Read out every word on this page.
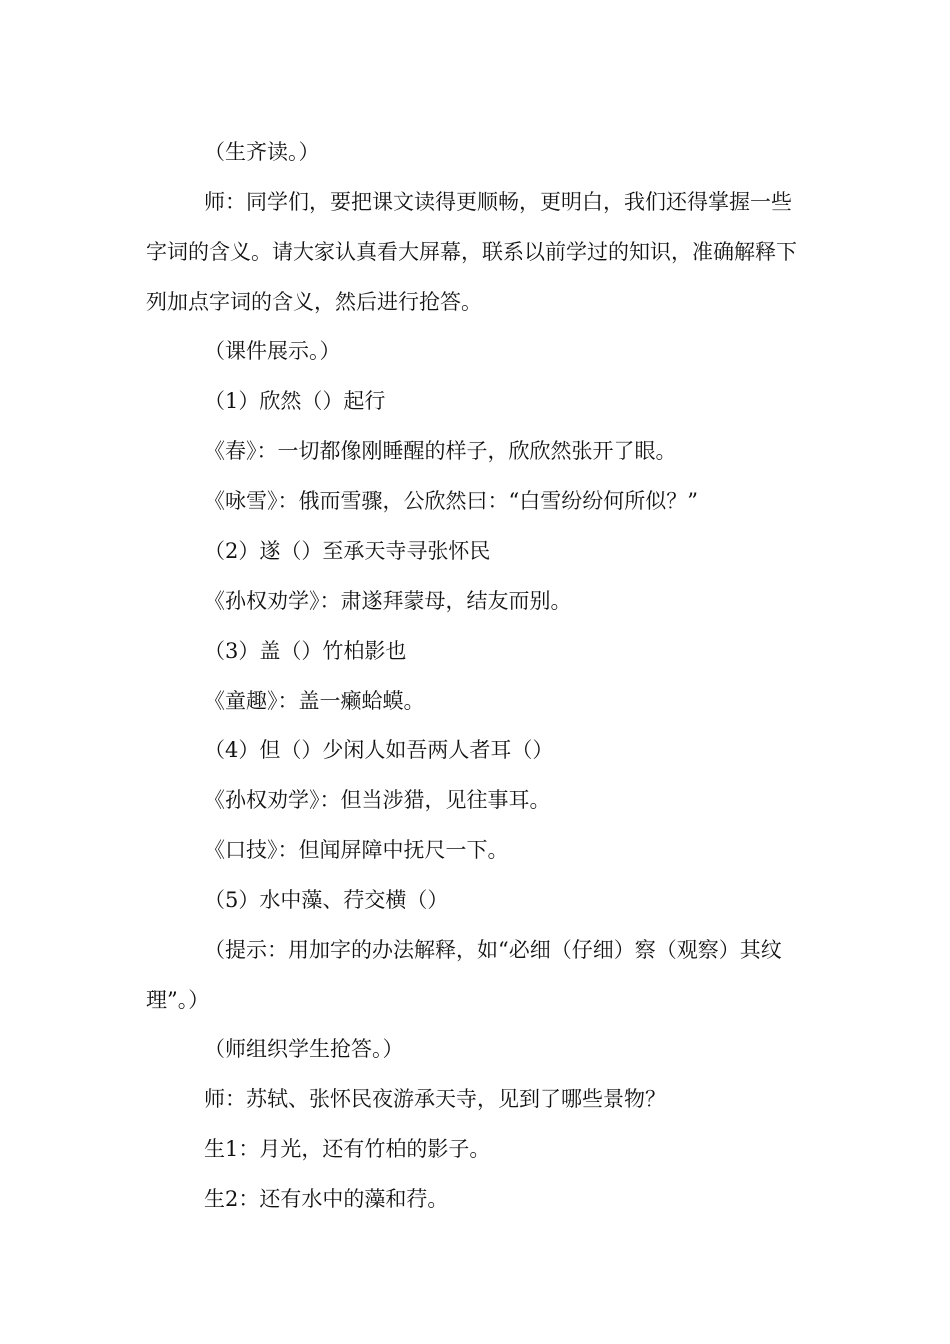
（生齐读。）

师：同学们，要把课文读得更顺畅，更明白，我们还得掌握一些字词的含义。请大家认真看大屏幕，联系以前学过的知识，准确解释下列加点字词的含义，然后进行抢答。

（课件展示。）

（1）欣然（）起行

《春》：一切都像刚睡醒的样子，欣欣然张开了眼。

《咏雪》：俄而雪骤，公欣然曰：“白雪纷纷何所似？”

（2）遂（）至承天寺寻张怀民

《孙权劝学》：肃遂拜蒙母，结友而别。

（3）盖（）竹柏影也

《童趣》：盖一癞蛤蟆。

（4）但（）少闲人如吾两人者耳（）

《孙权劝学》：但当涉猎，见往事耳。

《口技》：但闻屏障中抚尺一下。

（5）水中藻、荇交横（）

（提示：用加字的办法解释，如“必细（仔细）察（观察）其纹理”。）

（师组织学生抢答。）

师：苏轼、张怀民夜游承天寺，见到了哪些景物？

生1：月光，还有竹柏的影子。

生2：还有水中的藻和荇。
